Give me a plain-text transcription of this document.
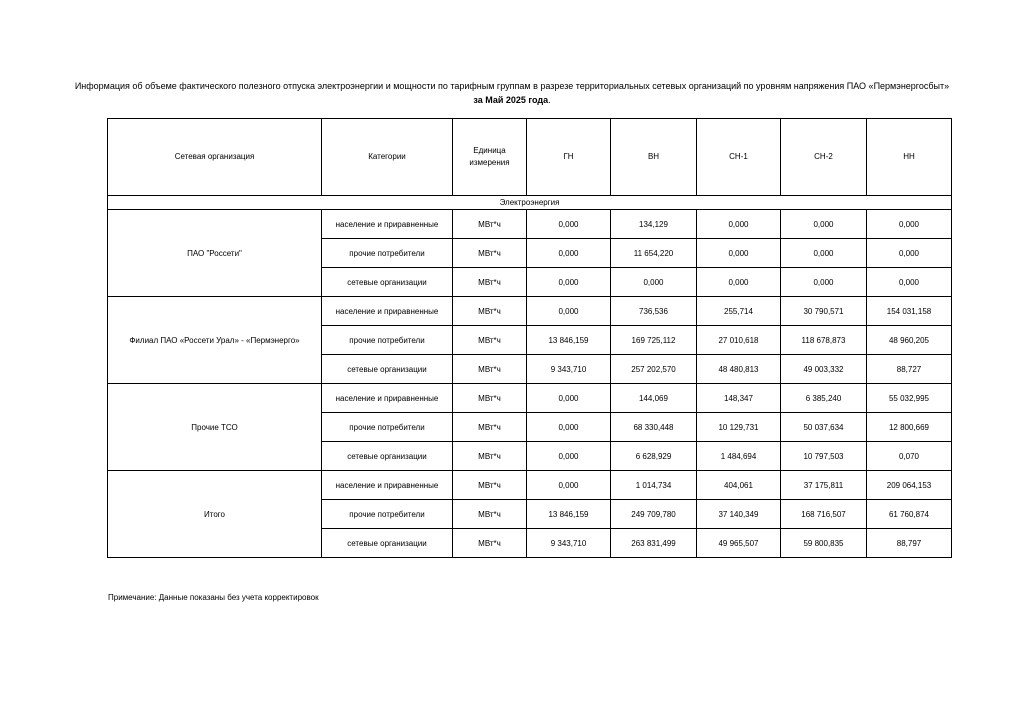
Информация об объеме фактического полезного отпуска электроэнергии и мощности по тарифным группам в разрезе территориальных сетевых организаций по уровням напряжения ПАО «Пермэнергосбыт»
за Май 2025 года.
Сетевая организация	Категории	Единица измерения	ГН	ВН	СН-1	СН-2	НН
Электроэнергия							
ПАО "Россети"	население и приравненные	МВт*ч	0,000	134,129	0,000	0,000	0,000
	прочие потребители	МВт*ч	0,000	11 654,220	0,000	0,000	0,000
	сетевые организации	МВт*ч	0,000	0,000	0,000	0,000	0,000
Филиал ПАО «Россети Урал» - «Пермэнерго»	население и приравненные	МВт*ч	0,000	736,536	255,714	30 790,571	154 031,158
	прочие потребители	МВт*ч	13 846,159	169 725,112	27 010,618	118 678,873	48 960,205
	сетевые организации	МВт*ч	9 343,710	257 202,570	48 480,813	49 003,332	88,727
Прочие ТСО	население и приравненные	МВт*ч	0,000	144,069	148,347	6 385,240	55 032,995
	прочие потребители	МВт*ч	0,000	68 330,448	10 129,731	50 037,634	12 800,669
	сетевые организации	МВт*ч	0,000	6 628,929	1 484,694	10 797,503	0,070
Итого	население и приравненные	МВт*ч	0,000	1 014,734	404,061	37 175,811	209 064,153
	прочие потребители	МВт*ч	13 846,159	249 709,780	37 140,349	168 716,507	61 760,874
	сетевые организации	МВт*ч	9 343,710	263 831,499	49 965,507	59 800,835	88,797
Примечание: Данные показаны без учета корректировок
